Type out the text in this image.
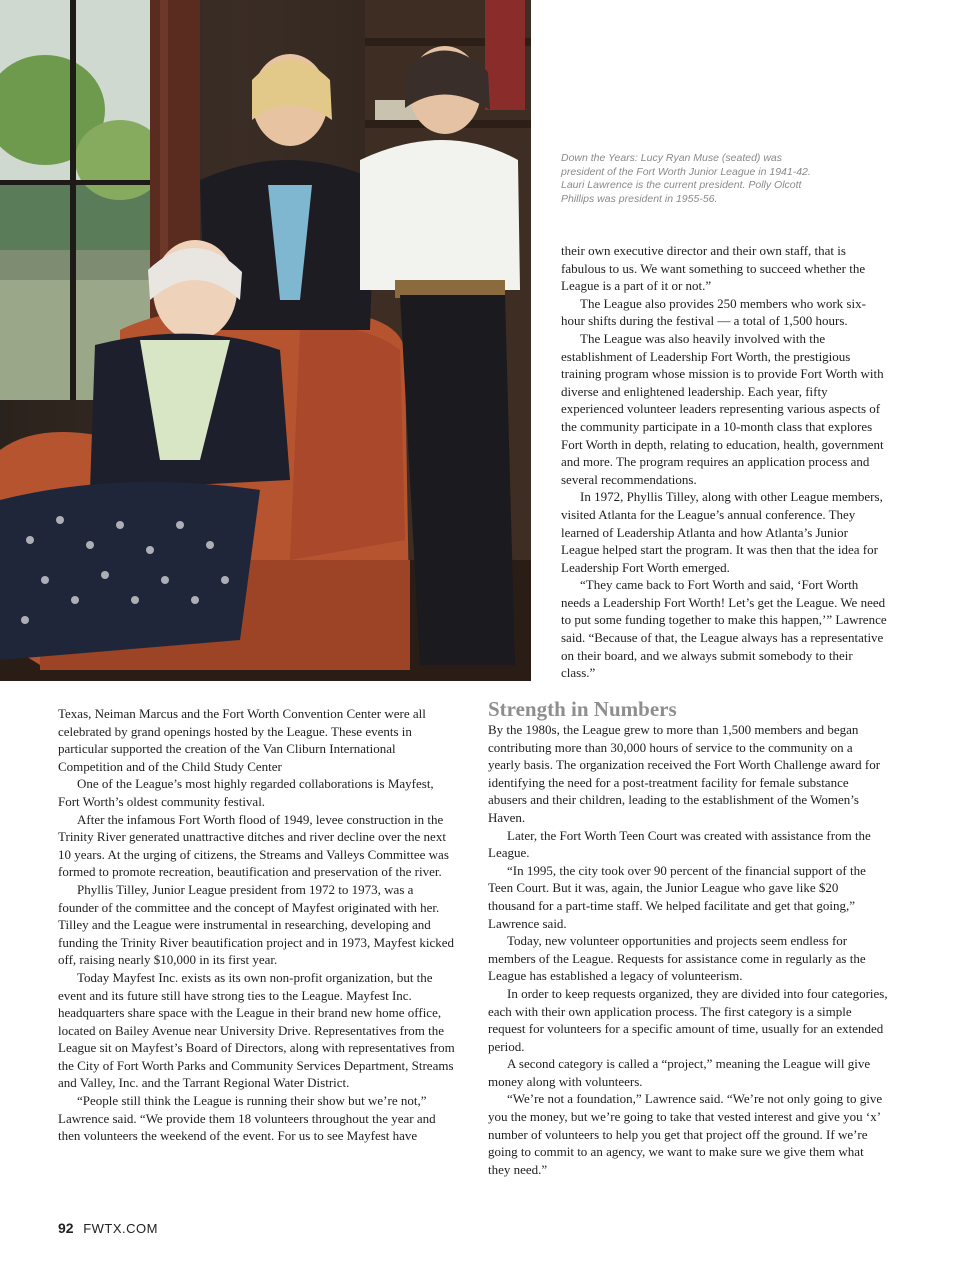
Down the Years: Lucy Ryan Muse (seated) was president of the Fort Worth Junior League in 1941-42. Lauri Lawrence is the current president. Polly Olcott Phillips was president in 1955-56.

their own executive director and their own staff, that is fabulous to us. We want something to succeed whether the League is a part of it or not.”

The League also provides 250 members who work six-hour shifts during the festival — a total of 1,500 hours.

The League was also heavily involved with the establishment of Leadership Fort Worth, the prestigious training program whose mission is to provide Fort Worth with diverse and enlightened leadership. Each year, fifty experienced volunteer leaders representing various aspects of the community participate in a 10-month class that explores Fort Worth in depth, relating to education, health, government and more. The program requires an application process and several recommendations.

In 1972, Phyllis Tilley, along with other League members, visited Atlanta for the League’s annual conference. They learned of Leadership Atlanta and how Atlanta’s Junior League helped start the program. It was then that the idea for Leadership Fort Worth emerged.

“They came back to Fort Worth and said, ‘Fort Worth needs a Leadership Fort Worth! Let’s get the League. We need to put some funding together to make this happen,’” Lawrence said. “Because of that, the League always has a representative on their board, and we always submit somebody to their class.”

Texas, Neiman Marcus and the Fort Worth Convention Center were all celebrated by grand openings hosted by the League. These events in particular supported the creation of the Van Cliburn International Competition and of the Child Study Center

One of the League’s most highly regarded collaborations is Mayfest, Fort Worth’s oldest community festival.

After the infamous Fort Worth flood of 1949, levee construction in the Trinity River generated unattractive ditches and river decline over the next 10 years. At the urging of citizens, the Streams and Valleys Committee was formed to promote recreation, beautification and preservation of the river.

Phyllis Tilley, Junior League president from 1972 to 1973, was a founder of the committee and the concept of Mayfest originated with her. Tilley and the League were instrumental in researching, developing and funding the Trinity River beautification project and in 1973, Mayfest kicked off, raising nearly $10,000 in its first year.

Today Mayfest Inc. exists as its own non-profit organization, but the event and its future still have strong ties to the League. Mayfest Inc. headquarters share space with the League in their brand new home office, located on Bailey Avenue near University Drive. Representatives from the League sit on Mayfest’s Board of Directors, along with representatives from the City of Fort Worth Parks and Community Services Department, Streams and Valley, Inc. and the Tarrant Regional Water District.

“People still think the League is running their show but we’re not,” Lawrence said. “We provide them 18 volunteers throughout the year and then volunteers the weekend of the event. For us to see Mayfest have

Strength in Numbers

By the 1980s, the League grew to more than 1,500 members and began contributing more than 30,000 hours of service to the community on a yearly basis. The organization received the Fort Worth Challenge award for identifying the need for a post-treatment facility for female substance abusers and their children, leading to the establishment of the Women’s Haven.

Later, the Fort Worth Teen Court was created with assistance from the League.

“In 1995, the city took over 90 percent of the financial support of the Teen Court. But it was, again, the Junior League who gave like $20 thousand for a part-time staff. We helped facilitate and get that going,” Lawrence said.

Today, new volunteer opportunities and projects seem endless for members of the League. Requests for assistance come in regularly as the League has established a legacy of volunteerism.

In order to keep requests organized, they are divided into four categories, each with their own application process. The first category is a simple request for volunteers for a specific amount of time, usually for an extended period.

A second category is called a “project,” meaning the League will give money along with volunteers.

“We’re not a foundation,” Lawrence said. “We’re not only going to give you the money, but we’re going to take that vested interest and give you ‘x’ number of volunteers to help you get that project off the ground. If we’re going to commit to an agency, we want to make sure we give them what they need.”

92 FWTX.COM
